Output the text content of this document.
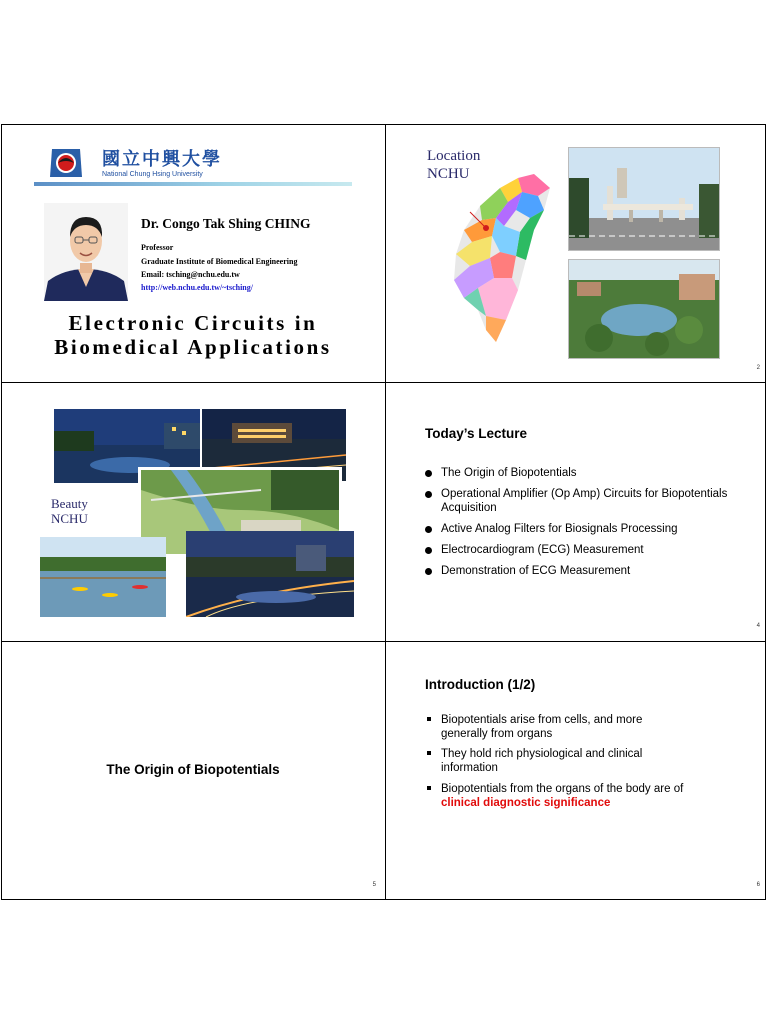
國立中興大學
National Chung Hsing University
Dr. Congo Tak Shing CHING
Professor
Graduate Institute of Biomedical Engineering
Email: tsching@nchu.edu.tw
http://web.nchu.edu.tw/~tsching/
Electronic Circuits in
Biomedical Applications
Location
NCHU
2
Beauty
NCHU
Today’s Lecture
The Origin of Biopotentials
Operational Amplifier (Op Amp) Circuits for Biopotentials Acquisition
Active Analog Filters for Biosignals Processing
Electrocardiogram (ECG) Measurement
Demonstration of ECG Measurement
4
The Origin of Biopotentials
5
Introduction (1/2)
Biopotentials arise from cells, and more generally from organs
They hold rich physiological and clinical information
Biopotentials from the organs of the body are of
clinical diagnostic significance
6
